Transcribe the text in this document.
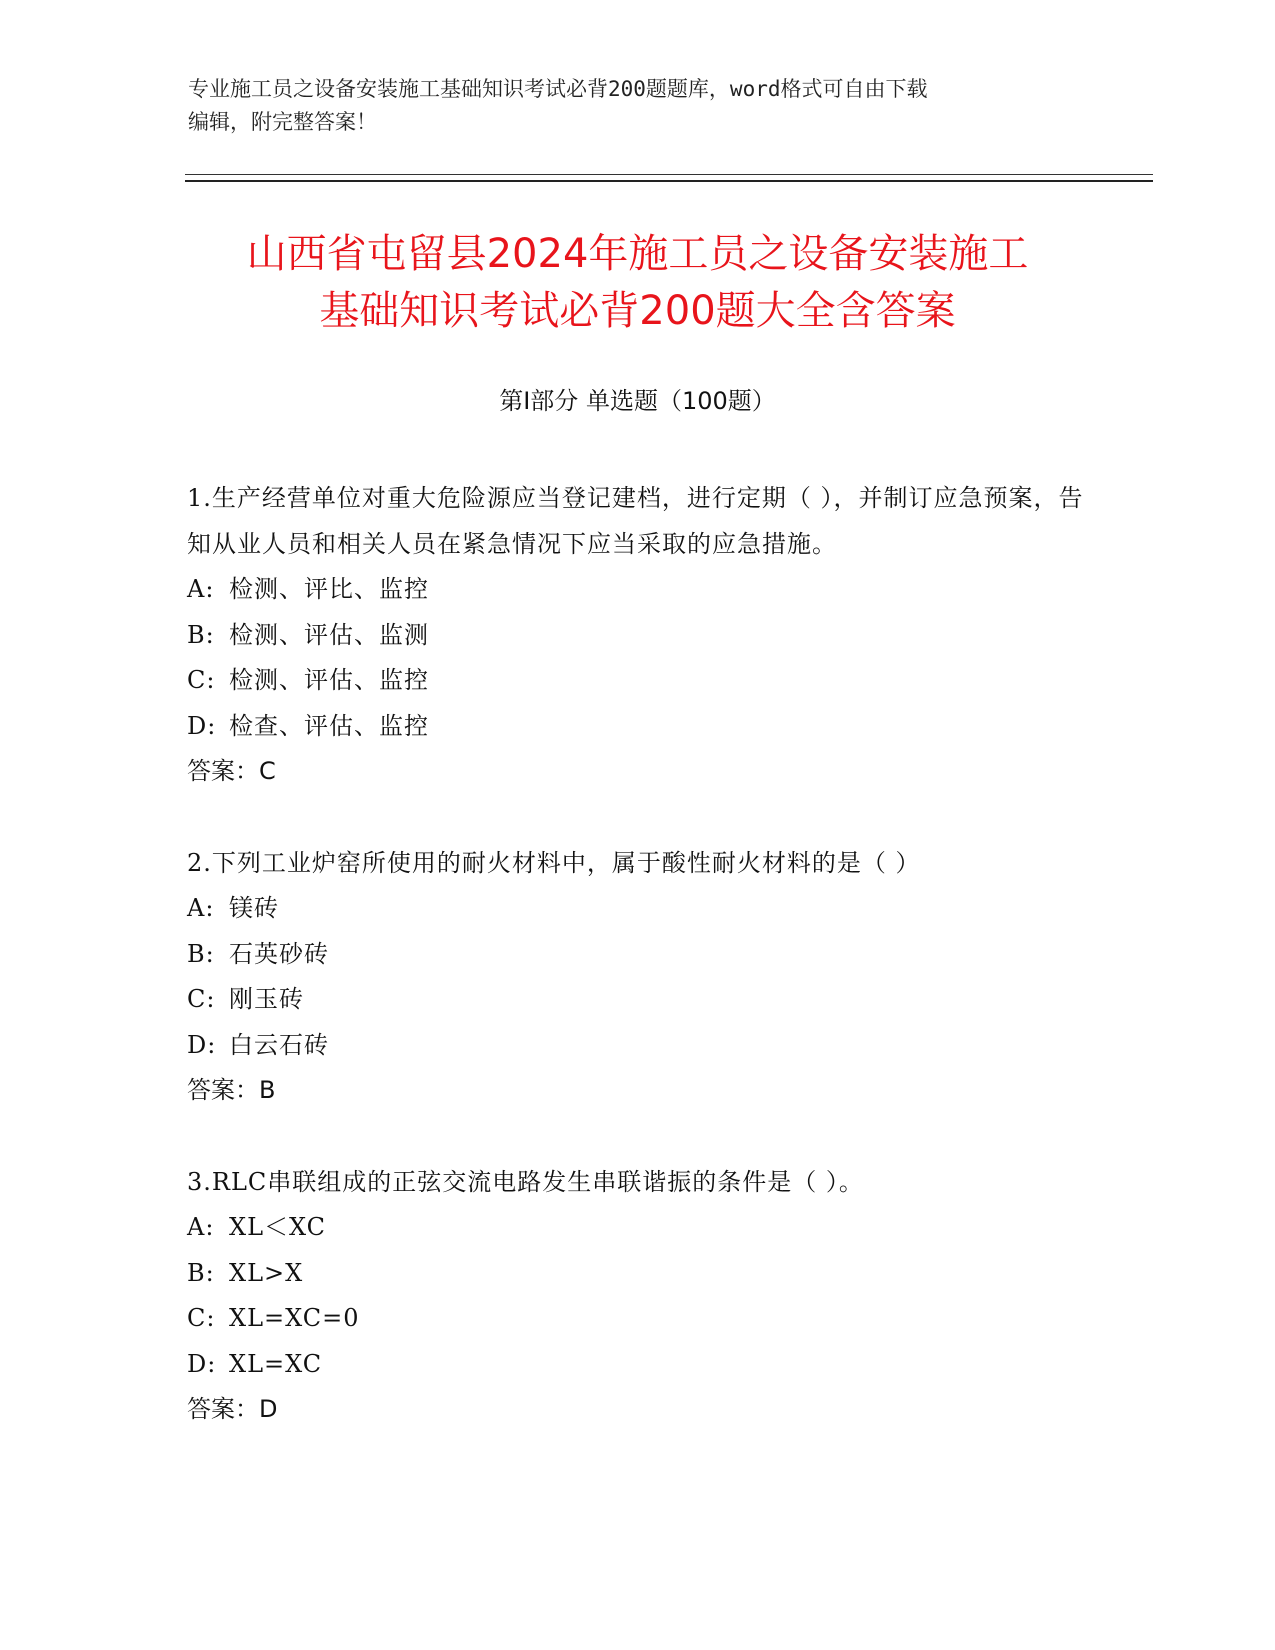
专业施工员之设备安装施工基础知识考试必背200题题库，word格式可自由下载
编辑，附完整答案！
山西省屯留县2024年施工员之设备安装施工
基础知识考试必背200题大全含答案
第Ⅰ部分 单选题（100题）

1.生产经营单位对重大危险源应当登记建档，进行定期（ ），并制订应急预案，告知从业人员和相关人员在紧急情况下应当采取的应急措施。

A: 检测、评比、监控

B: 检测、评估、监测

C: 检测、评估、监控

D: 检查、评估、监控

答案：C

2.下列工业炉窑所使用的耐火材料中，属于酸性耐火材料的是（ ）

A: 镁砖

B: 石英砂砖

C: 刚玉砖

D: 白云石砖

答案：B

3.RLC串联组成的正弦交流电路发生串联谐振的条件是（ ）。

A: XL＜XC

B: XL>X

C: XL=XC=0

D: XL=XC

答案：D
